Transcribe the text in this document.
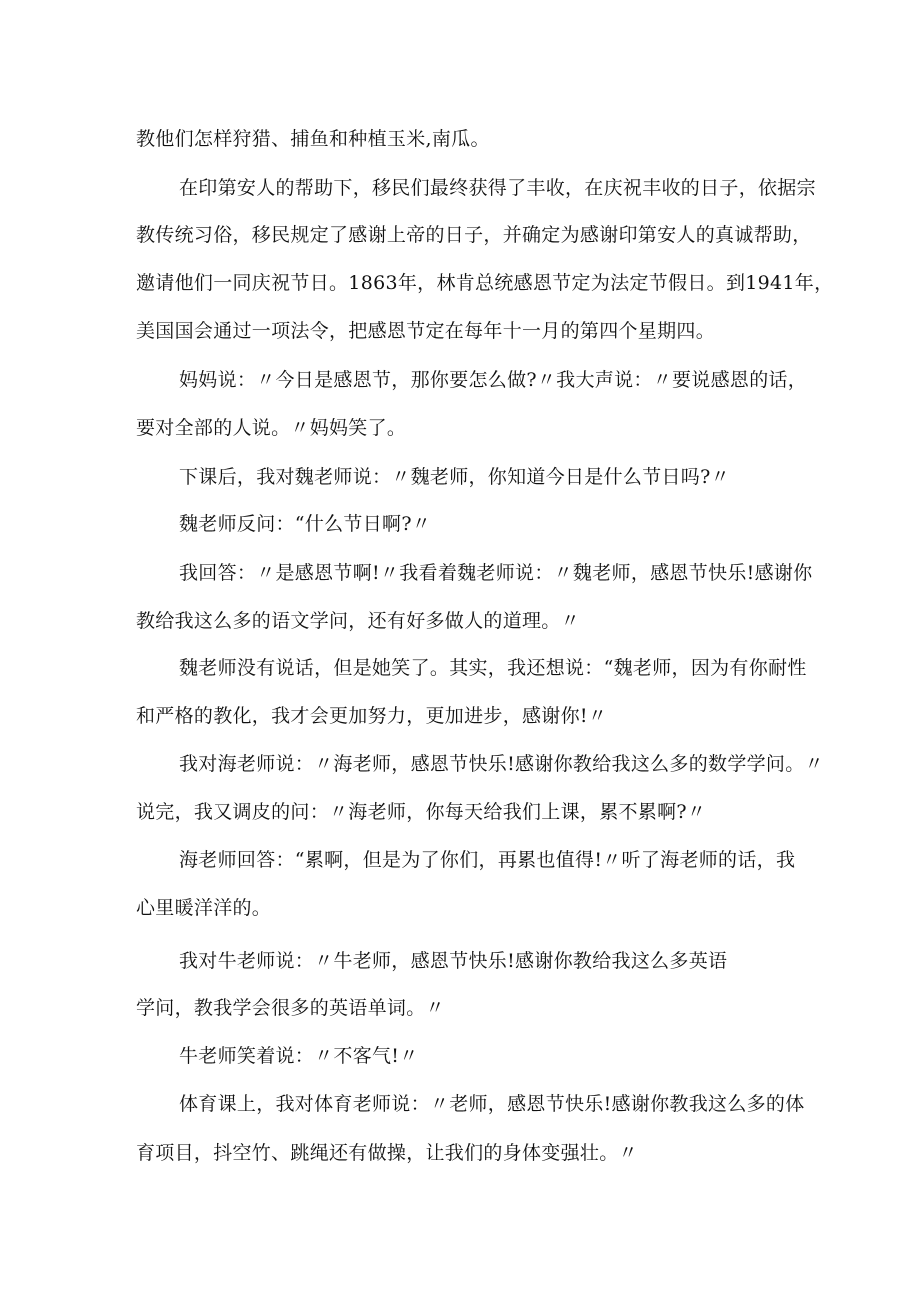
教他们怎样狩猎、捕鱼和种植玉米,南瓜。
在印第安人的帮助下，移民们最终获得了丰收，在庆祝丰收的日子，依据宗
教传统习俗，移民规定了感谢上帝的日子，并确定为感谢印第安人的真诚帮助，
邀请他们一同庆祝节日。1863年，林肯总统感恩节定为法定节假日。到1941年，
美国国会通过一项法令，把感恩节定在每年十一月的第四个星期四。
妈妈说：〃今日是感恩节，那你要怎么做?〃我大声说：〃要说感恩的话，
要对全部的人说。〃妈妈笑了。
下课后，我对魏老师说：〃魏老师，你知道今日是什么节日吗?〃
魏老师反问：“什么节日啊?〃
我回答：〃是感恩节啊!〃我看着魏老师说：〃魏老师，感恩节快乐!感谢你
教给我这么多的语文学问，还有好多做人的道理。〃
魏老师没有说话，但是她笑了。其实，我还想说：“魏老师，因为有你耐性
和严格的教化，我才会更加努力，更加进步，感谢你!〃
我对海老师说：〃海老师，感恩节快乐!感谢你教给我这么多的数学学问。〃
说完，我又调皮的问：〃海老师，你每天给我们上课，累不累啊?〃
海老师回答：“累啊，但是为了你们，再累也值得!〃听了海老师的话，我
心里暖洋洋的。
我对牛老师说：〃牛老师，感恩节快乐!感谢你教给我这么多英语
学问，教我学会很多的英语单词。〃
牛老师笑着说：〃不客气!〃
体育课上，我对体育老师说：〃老师，感恩节快乐!感谢你教我这么多的体
育项目，抖空竹、跳绳还有做操，让我们的身体变强壮。〃
